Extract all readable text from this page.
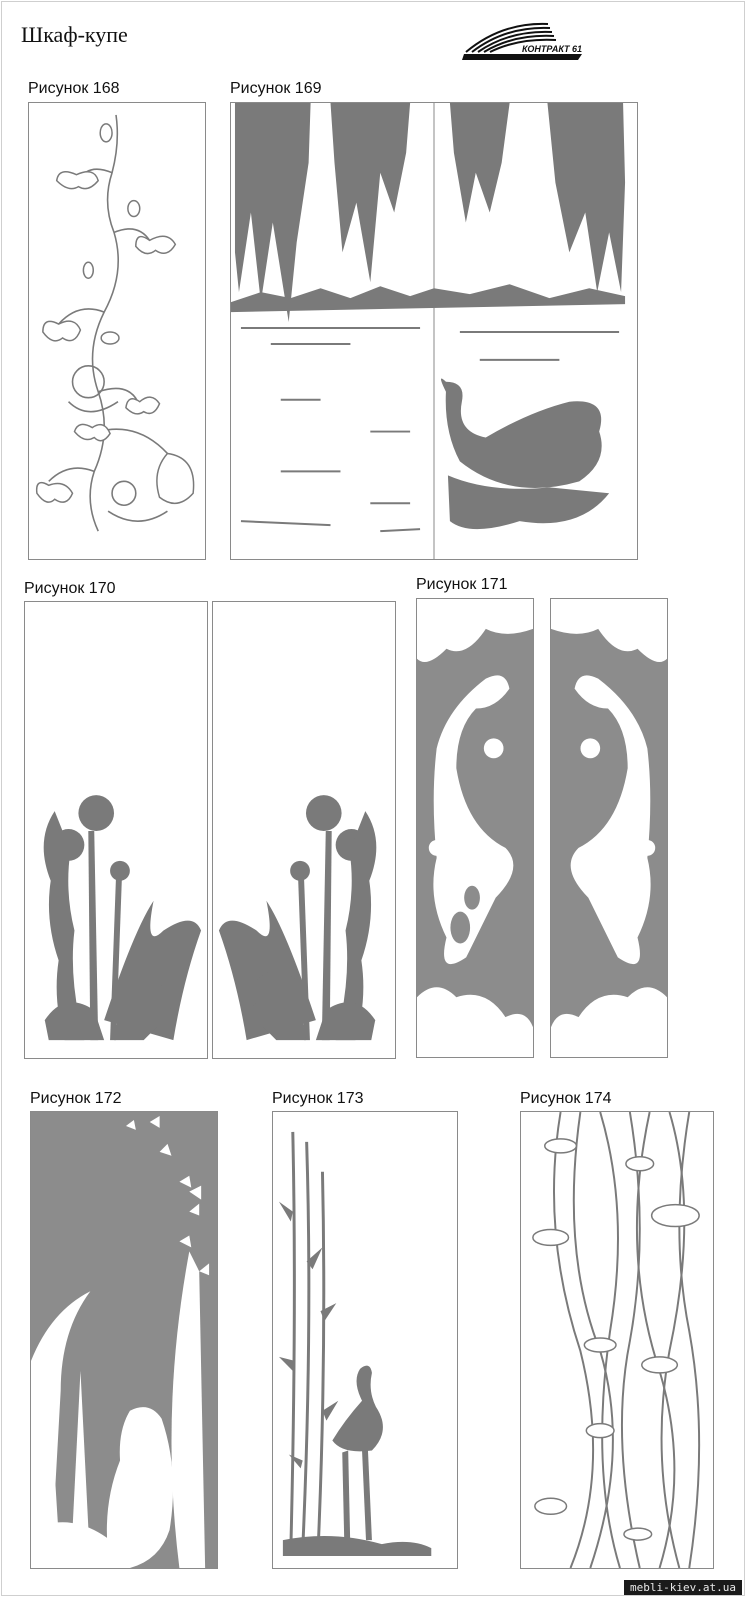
Шкаф-купе
КОНТРАКТ 61
Рисунок 168	Рисунок 169
Рисунок 170	Рисунок 171
Рисунок 172	Рисунок 173	Рисунок 174
mebli-kiev.at.ua
